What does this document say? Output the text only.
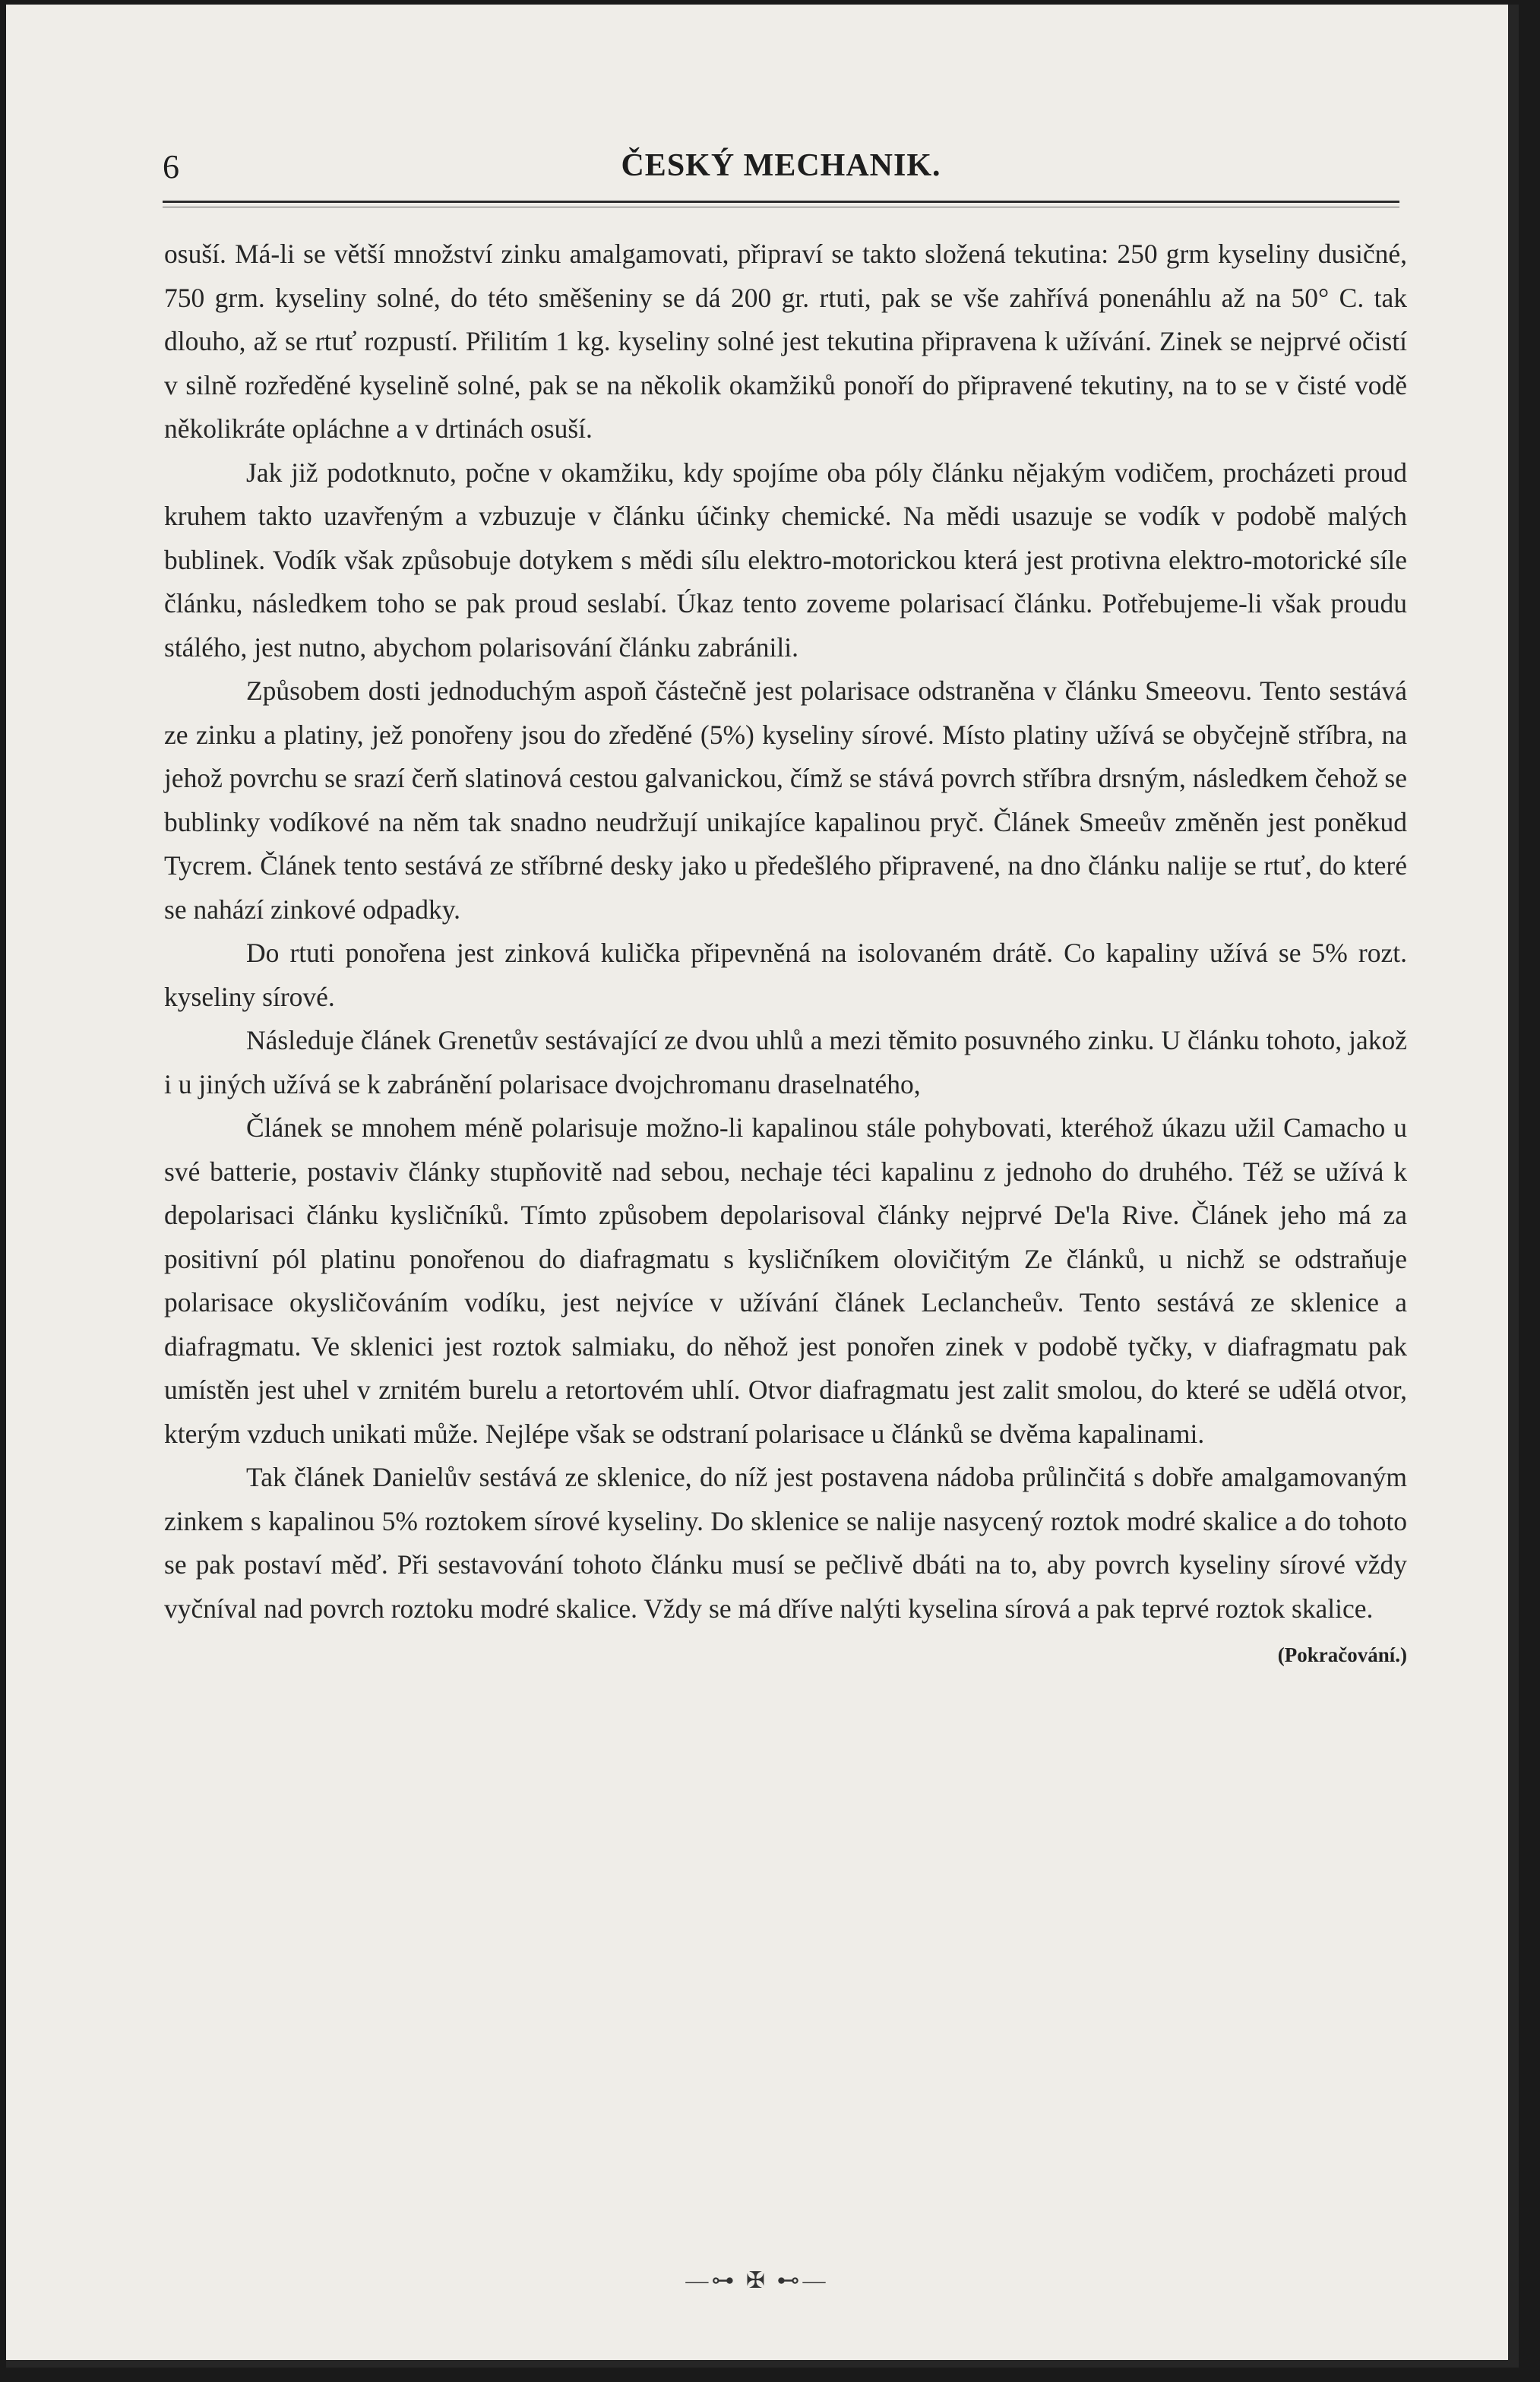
6	ČESKÝ MECHANIK.

osuší. Má-li se větší množství zinku amalgamovati, připraví se takto složená tekutina: 250 grm kyseliny dusičné, 750 grm. kyseliny solné, do této směšeniny se dá 200 gr. rtuti, pak se vše zahřívá ponenáhlu až na 50° C. tak dlouho, až se rtuť rozpustí. Přilitím 1 kg. kyseliny solné jest tekutina připravena k užívání. Zinek se nejprvé očistí v silně rozředěné kyselině solné, pak se na několik okamžiků ponoří do připravené tekutiny, na to se v čisté vodě několikráte opláchne a v drtinách osuší.

Jak již podotknuto, počne v okamžiku, kdy spojíme oba póly článku nějakým vodičem, procházeti proud kruhem takto uzavřeným a vzbuzuje v článku účinky chemické. Na mědi usazuje se vodík v podobě malých bublinek. Vodík však způsobuje dotykem s mědi sílu elektro-motorickou která jest protivna elektro-motorické síle článku, následkem toho se pak proud seslabí. Úkaz tento zoveme polarisací článku. Potřebujeme-li však proudu stálého, jest nutno, abychom polarisování článku zabránili.

Způsobem dosti jednoduchým aspoň částečně jest polarisace odstraněna v článku Smeeovu. Tento sestává ze zinku a platiny, jež ponořeny jsou do zředěné (5%) kyseliny sírové. Místo platiny užívá se obyčejně stříbra, na jehož povrchu se srazí čerň slatinová cestou galvanickou, čímž se stává povrch stříbra drsným, následkem čehož se bublinky vodíkové na něm tak snadno neudržují unikajíce kapalinou pryč. Článek Smeeův změněn jest poněkud Tycrem. Článek tento sestává ze stříbrné desky jako u předešlého připravené, na dno článku nalije se rtuť, do které se nahází zinkové odpadky.

Do rtuti ponořena jest zinková kulička připevněná na isolovaném drátě. Co kapaliny užívá se 5% rozt. kyseliny sírové.

Následuje článek Grenetův sestávající ze dvou uhlů a mezi těmito posuvného zinku. U článku tohoto, jakož i u jiných užívá se k zabránění polarisace dvojchromanu draselnatého,

Článek se mnohem méně polarisuje možno-li kapalinou stále pohybovati, kteréhož úkazu užil Camacho u své batterie, postaviv články stupňovitě nad sebou, nechaje téci kapalinu z jednoho do druhého. Též se užívá k depolarisaci článku kysličníků. Tímto způsobem depolarisoval články nejprvé De'la Rive. Článek jeho má za positivní pól platinu ponořenou do diafragmatu s kysličníkem olovičitým Ze článků, u nichž se odstraňuje polarisace okysličováním vodíku, jest nejvíce v užívání článek Leclancheův. Tento sestává ze sklenice a diafragmatu. Ve sklenici jest roztok salmiaku, do něhož jest ponořen zinek v podobě tyčky, v diafragmatu pak umístěn jest uhel v zrnitém burelu a retortovém uhlí. Otvor diafragmatu jest zalit smolou, do které se udělá otvor, kterým vzduch unikati může. Nejlépe však se odstraní polarisace u článků se dvěma kapalinami.

Tak článek Danielův sestává ze sklenice, do níž jest postavena nádoba průlinčitá s dobře amalgamovaným zinkem s kapalinou 5% roztokem sírové kyseliny. Do sklenice se nalije nasycený roztok modré skalice a do tohoto se pak postaví měď. Při sestavování tohoto článku musí se pečlivě dbáti na to, aby povrch kyseliny sírové vždy vyčníval nad povrch roztoku modré skalice. Vždy se má dříve nalýti kyselina sírová a pak teprvé roztok skalice.
(Pokračování.)

—⊶ ✠ ⊷—
